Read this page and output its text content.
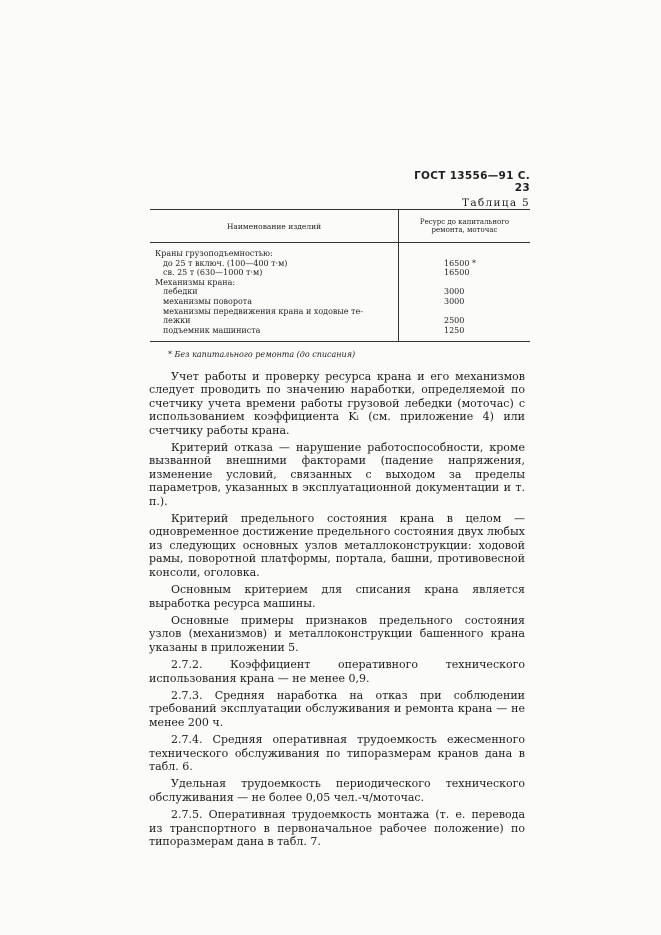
ГОСТ 13556—91 С. 23
Таблица 5
Наименование изделий	Ресурс до капитального ремонта, моточас
Краны грузоподъемностью:
до 25 т включ. (100—400 т·м)
св. 25 т (630—1000 т·м)
Механизмы крана:
лебедки
механизмы поворота
механизмы передвижения крана и ходовые те-
лежки
подъемник машиниста
16500 *
16500
3000
3000
2500
1250
* Без капитального ремонта (до списания)

Учет работы и проверку ресурса крана и его механизмов следует проводить по значению наработки, определяемой по счетчику учета времени работы грузовой лебедки (моточас) с использованием коэффициента Kᵢ (см. приложение 4) или счетчику работы крана.

Критерий отказа — нарушение работоспособности, кроме вызванной внешними факторами (падение напряжения, изменение условий, связанных с выходом за пределы параметров, указанных в эксплуатационной документации и т. п.).

Критерий предельного состояния крана в целом — одновременное достижение предельного состояния двух любых из следующих основных узлов металлоконструкции: ходовой рамы, поворотной платформы, портала, башни, противовесной консоли, оголовка.

Основным критерием для списания крана является выработка ресурса машины.

Основные примеры признаков предельного состояния узлов (механизмов) и металлоконструкции башенного крана указаны в приложении 5.

2.7.2. Коэффициент оперативного технического использования крана — не менее 0,9.

2.7.3. Средняя наработка на отказ при соблюдении требований эксплуатации обслуживания и ремонта крана — не менее 200 ч.

2.7.4. Средняя оперативная трудоемкость ежесменного технического обслуживания по типоразмерам кранов дана в табл. 6.

Удельная трудоемкость периодического технического обслуживания — не более 0,05 чел.-ч/моточас.

2.7.5. Оперативная трудоемкость монтажа (т. е. перевода из транспортного в первоначальное рабочее положение) по типоразмерам дана в табл. 7.
